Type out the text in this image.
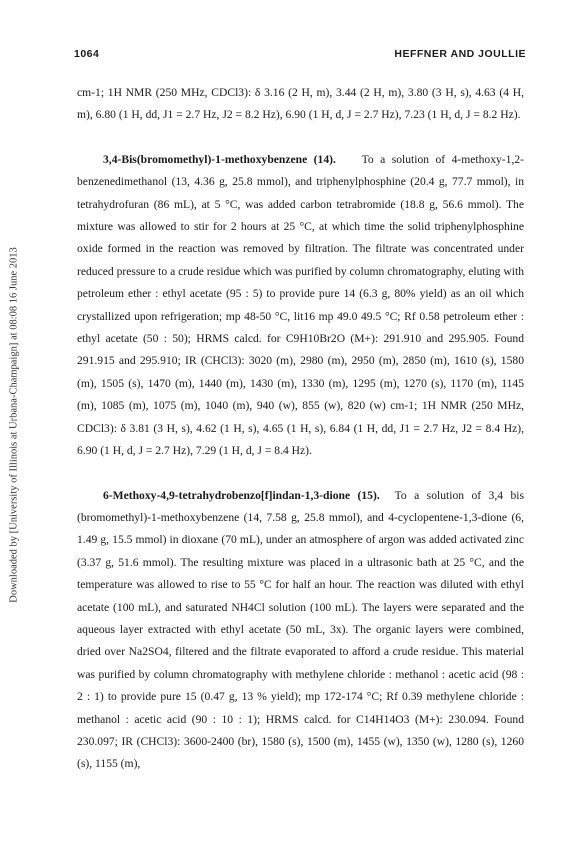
1064	HEFFNER AND JOULLIE
Downloaded by [University of Illinois at Urbana-Champaign] at 08:08 16 June 2013

cm-1; 1H NMR (250 MHz, CDCl3): δ 3.16 (2 H, m), 3.44 (2 H, m), 3.80 (3 H, s), 4.63 (4 H, m), 6.80 (1 H, dd, J1 = 2.7 Hz, J2 = 8.2 Hz), 6.90 (1 H, d, J = 2.7 Hz), 7.23 (1 H, d, J = 8.2 Hz).

3,4-Bis(bromomethyl)-1-methoxybenzene (14). To a solution of 4-methoxy-1,2-benzenedimethanol (13, 4.36 g, 25.8 mmol), and triphenylphosphine (20.4 g, 77.7 mmol), in tetrahydrofuran (86 mL), at 5 °C, was added carbon tetrabromide (18.8 g, 56.6 mmol). The mixture was allowed to stir for 2 hours at 25 °C, at which time the solid triphenylphosphine oxide formed in the reaction was removed by filtration. The filtrate was concentrated under reduced pressure to a crude residue which was purified by column chromatography, eluting with petroleum ether : ethyl acetate (95 : 5) to provide pure 14 (6.3 g, 80% yield) as an oil which crystallized upon refrigeration; mp 48-50 °C, lit16 mp 49.0 49.5 °C; Rf 0.58 petroleum ether : ethyl acetate (50 : 50); HRMS calcd. for C9H10Br2O (M+): 291.910 and 295.905. Found 291.915 and 295.910; IR (CHCl3): 3020 (m), 2980 (m), 2950 (m), 2850 (m), 1610 (s), 1580 (m), 1505 (s), 1470 (m), 1440 (m), 1430 (m), 1330 (m), 1295 (m), 1270 (s), 1170 (m), 1145 (m), 1085 (m), 1075 (m), 1040 (m), 940 (w), 855 (w), 820 (w) cm-1; 1H NMR (250 MHz, CDCl3): δ 3.81 (3 H, s), 4.62 (1 H, s), 4.65 (1 H, s), 6.84 (1 H, dd, J1 = 2.7 Hz, J2 = 8.4 Hz), 6.90 (1 H, d, J = 2.7 Hz), 7.29 (1 H, d, J = 8.4 Hz).

6-Methoxy-4,9-tetrahydrobenzo[f]indan-1,3-dione (15). To a solution of 3,4 bis (bromomethyl)-1-methoxybenzene (14, 7.58 g, 25.8 mmol), and 4-cyclopentene-1,3-dione (6, 1.49 g, 15.5 mmol) in dioxane (70 mL), under an atmosphere of argon was added activated zinc (3.37 g, 51.6 mmol). The resulting mixture was placed in a ultrasonic bath at 25 °C, and the temperature was allowed to rise to 55 °C for half an hour. The reaction was diluted with ethyl acetate (100 mL), and saturated NH4Cl solution (100 mL). The layers were separated and the aqueous layer extracted with ethyl acetate (50 mL, 3x). The organic layers were combined, dried over Na2SO4, filtered and the filtrate evaporated to afford a crude residue. This material was purified by column chromatography with methylene chloride : methanol : acetic acid (98 : 2 : 1) to provide pure 15 (0.47 g, 13 % yield); mp 172-174 °C; Rf 0.39 methylene chloride : methanol : acetic acid (90 : 10 : 1); HRMS calcd. for C14H14O3 (M+): 230.094. Found 230.097; IR (CHCl3): 3600-2400 (br), 1580 (s), 1500 (m), 1455 (w), 1350 (w), 1280 (s), 1260 (s), 1155 (m),
